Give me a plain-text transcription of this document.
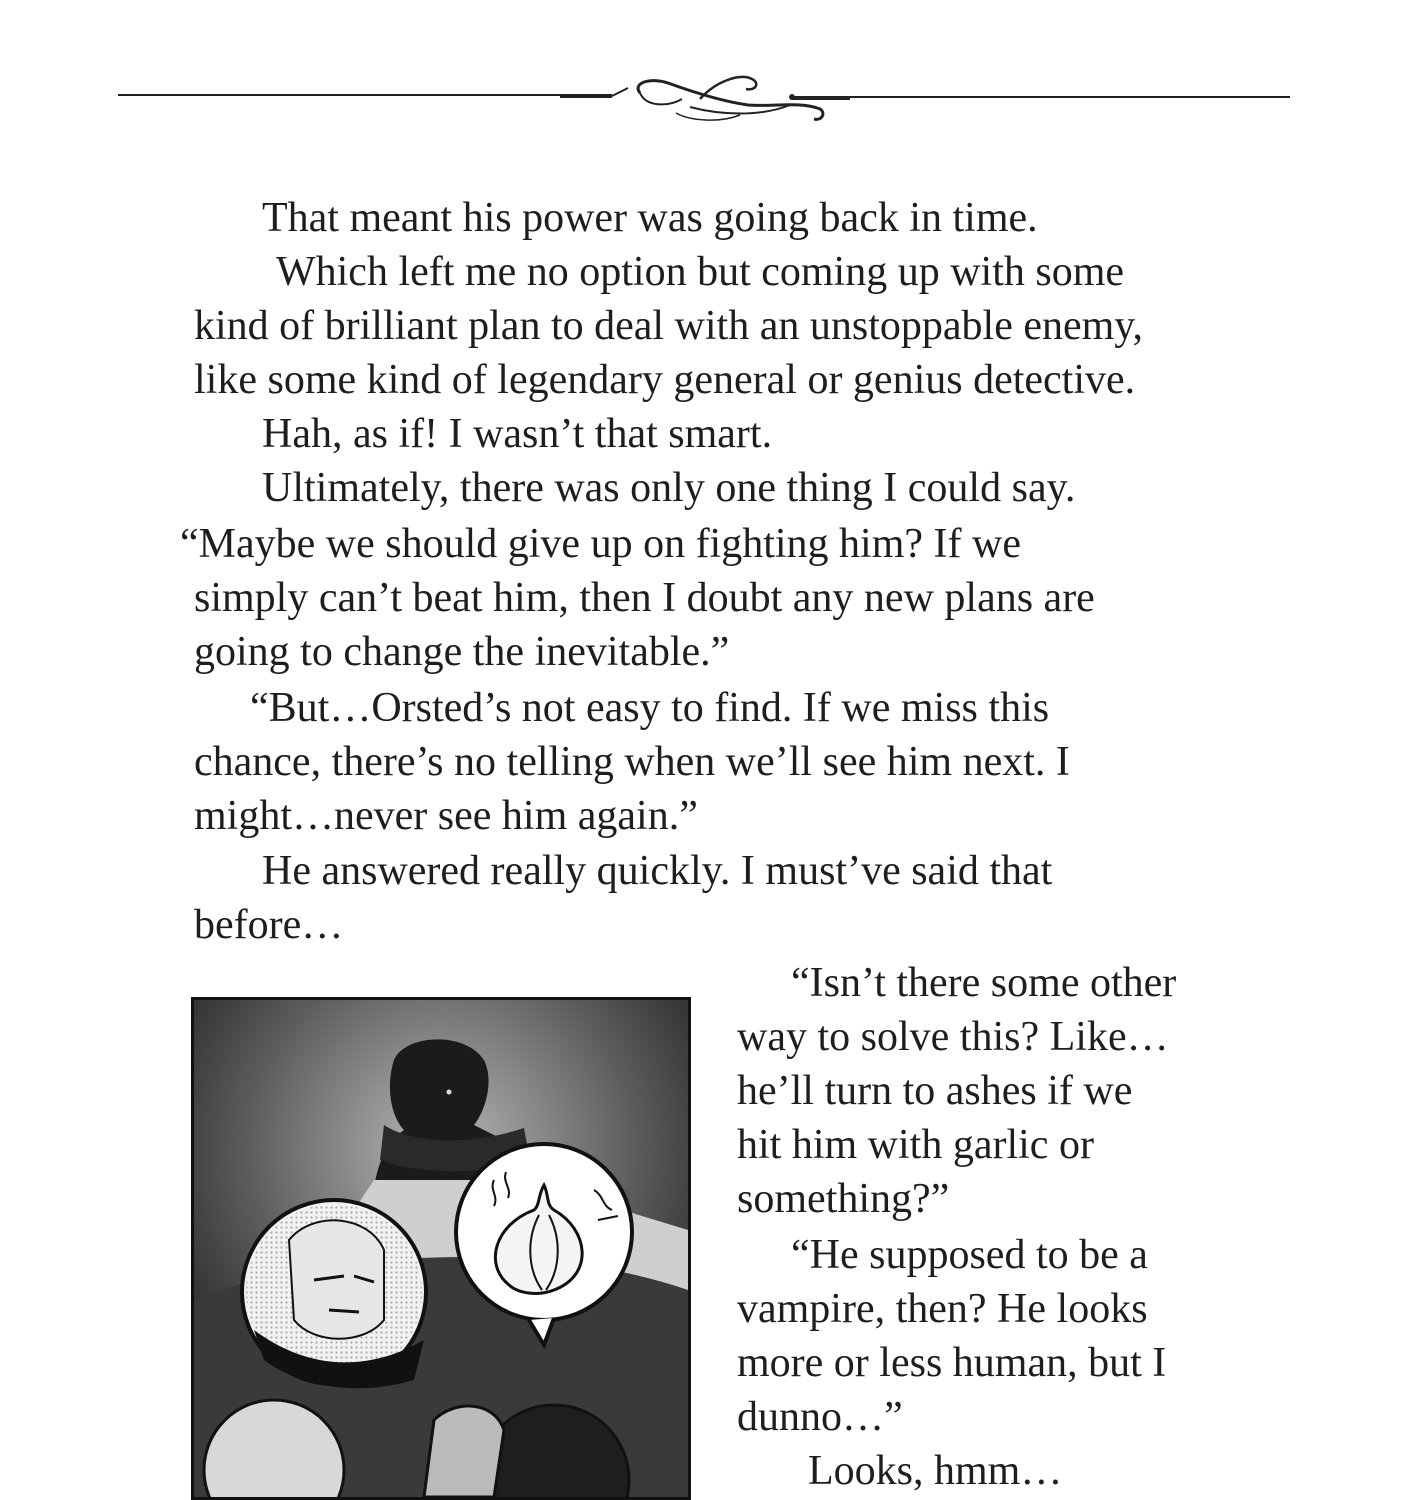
That meant his power was going back in time.

Which left me no option but coming up with some
kind of brilliant plan to deal with an unstoppable enemy,
like some kind of legendary general or genius detective.

Hah, as if! I wasn’t that smart.

Ultimately, there was only one thing I could say.

“Maybe we should give up on fighting him? If we
simply can’t beat him, then I doubt any new plans are
going to change the inevitable.”
“But…Orsted’s not easy to find. If we miss this
chance, there’s no telling when we’ll see him next. I
might…never see him again.”
He answered really quickly. I must’ve said that
before…
“Isn’t there some other
way to solve this? Like…
he’ll turn to ashes if we
hit him with garlic or
something?”
“He supposed to be a
vampire, then? He looks
more or less human, but I
dunno…”

Looks, hmm…
